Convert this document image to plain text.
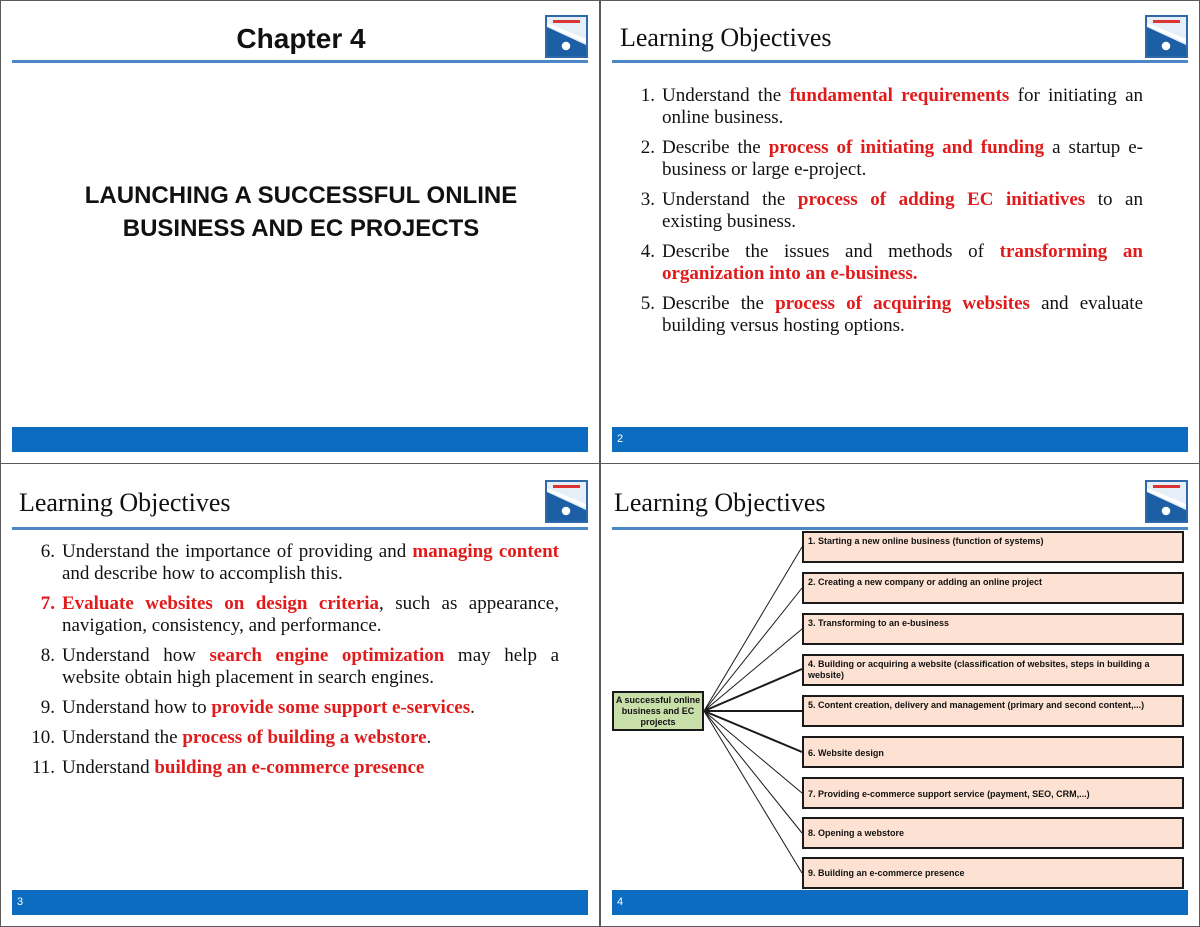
Chapter 4
LAUNCHING A SUCCESSFUL ONLINE
BUSINESS AND EC PROJECTS
Learning Objectives
1. Understand the fundamental requirements for initiating an online business.
2. Describe the process of initiating and funding a startup e-business or large e-project.
3. Understand the process of adding EC initiatives to an existing business.
4. Describe the issues and methods of transforming an organization into an e-business.
5. Describe the process of acquiring websites and evaluate building versus hosting options.
2
Learning Objectives
6. Understand the importance of providing and managing content and describe how to accomplish this.
7. Evaluate websites on design criteria, such as appearance, navigation, consistency, and performance.
8. Understand how search engine optimization may help a website obtain high placement in search engines.
9. Understand how to provide some support e-services.
10. Understand the process of building a webstore.
11. Understand building an e-commerce presence
3
Learning Objectives
4
A successful online business and EC projects
1. Starting a new online business (function of systems)
2. Creating a new company or adding an online project
3. Transforming to an e-business
4. Building or acquiring a website (classification of websites, steps in building a website)
5. Content creation, delivery and management (primary and second content,...)
6. Website design
7. Providing e-commerce support service (payment, SEO, CRM,...)
8. Opening a webstore
9. Building an e-commerce presence
